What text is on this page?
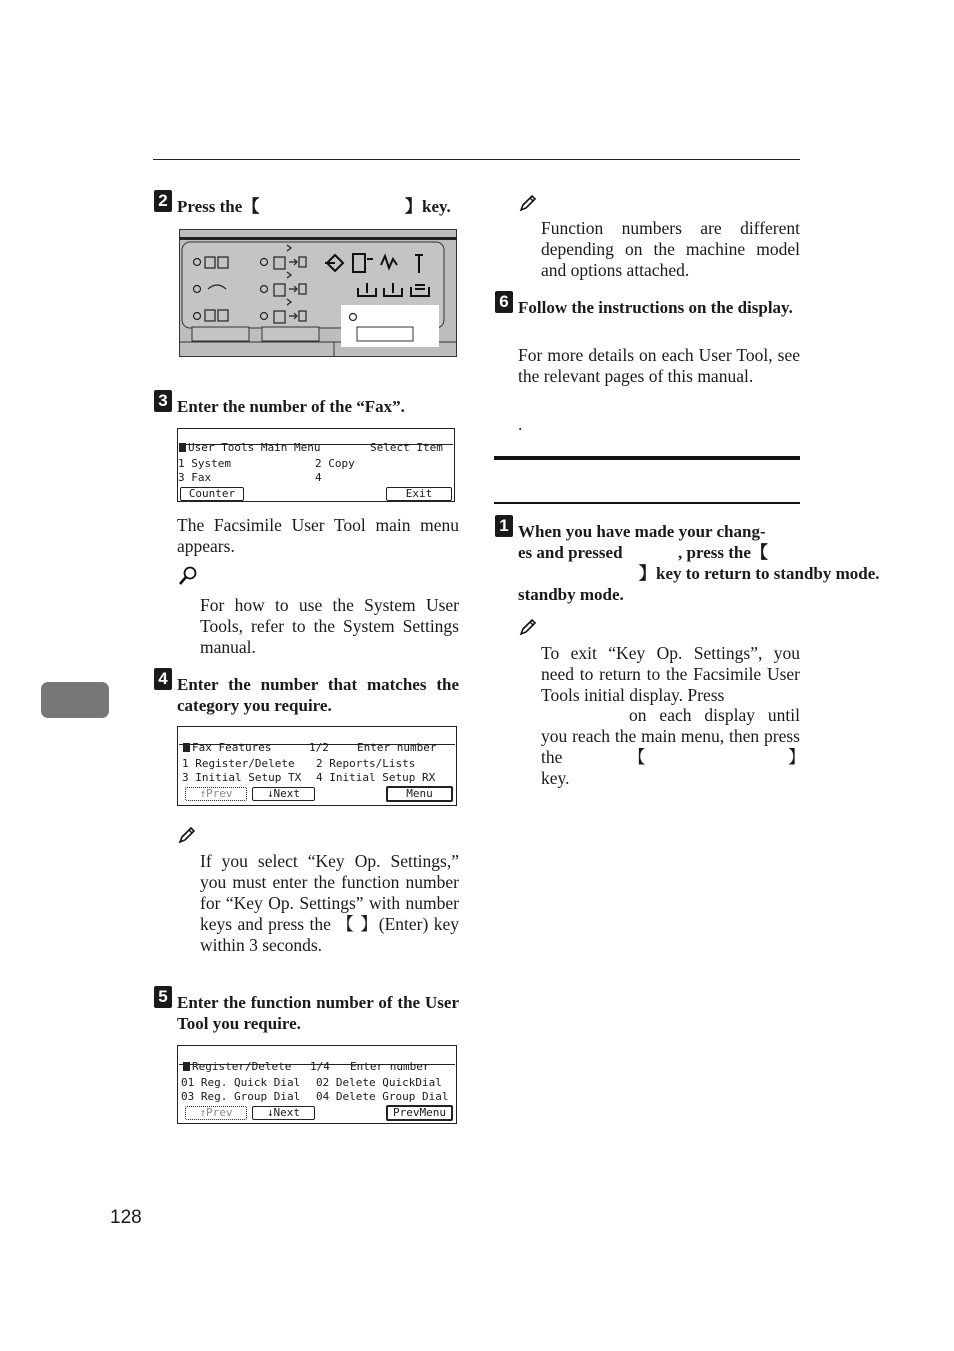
2 Press the【	】key.
3 Enter the number of the “Fax”.
User Tools Main Menu	Select Item
1 System	2 Copy
3 Fax	4
Counter	Exit
The Facsimile User Tool main menu appears.
For how to use the System User Tools, refer to the System Settings manual.
4 Enter the number that matches the category you require.
Fax Features	1/2	Enter number
1 Register/Delete 2 Reports/Lists
3 Initial Setup TX 4 Initial Setup RX
↑Prev	↓Next	Menu
If you select “Key Op. Settings,” you must enter the function number for “Key Op. Settings” with number keys and press the 【 】(Enter) key within 3 seconds.
5 Enter the function number of the User Tool you require.
Register/Delete 1/4 Enter number
01 Reg. Quick Dial 02 Delete QuickDial
03 Reg. Group Dial 04 Delete Group Dial
↑Prev	↓Next	PrevMenu
Function numbers are different depending on the machine model and options attached.
6 Follow the instructions on the display.
For more details on each User Tool, see the relevant pages of this manual.
.
1 When you have made your chang-
es and pressed	, press the【
】key to return to standby mode.
standby mode.
To exit “Key Op. Settings”, you need to return to the Facsimile User Tools initial display. Press
on each display until you reach the main menu, then press the	【	】
key.
128
